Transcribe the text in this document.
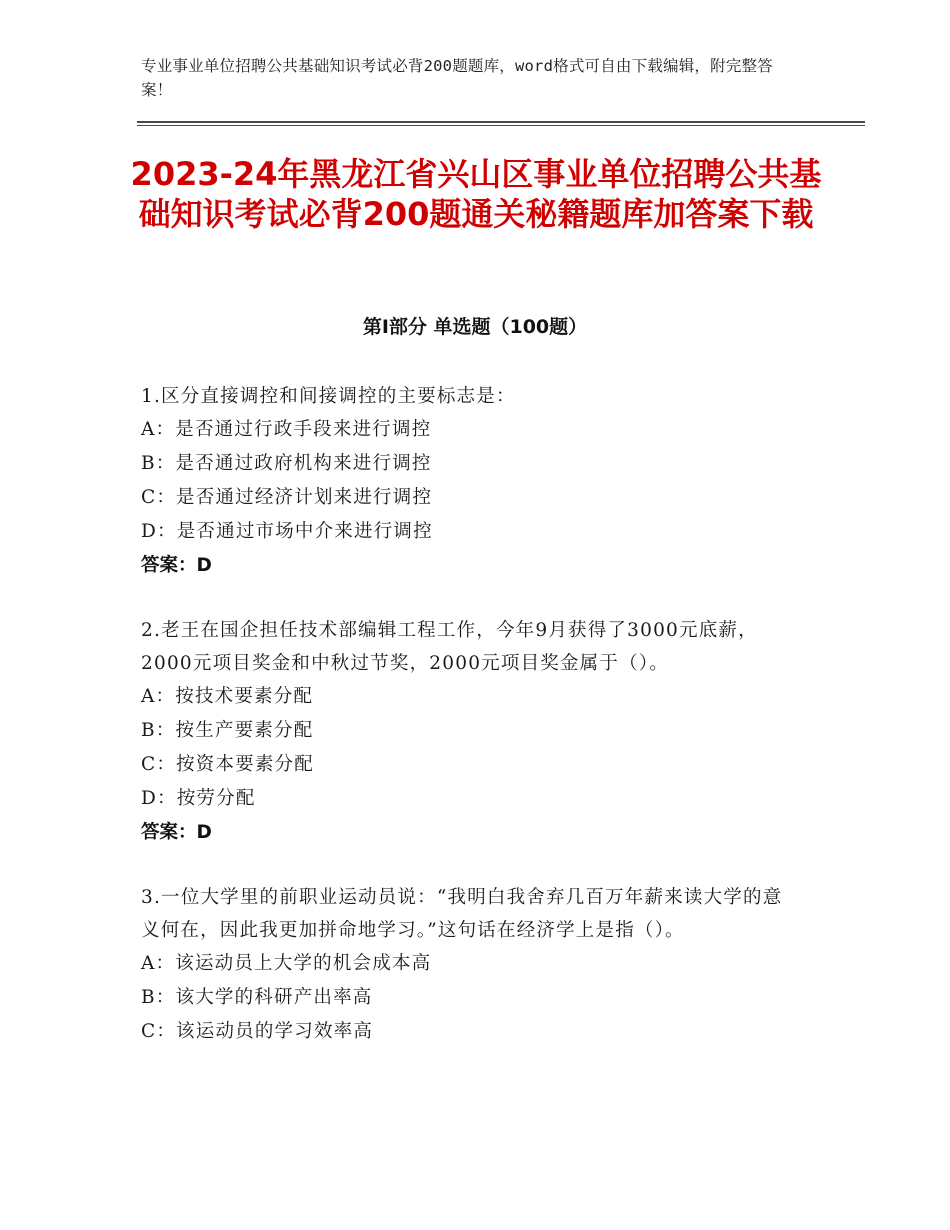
专业事业单位招聘公共基础知识考试必背200题题库，word格式可自由下载编辑，附完整答案！
2023-24年黑龙江省兴山区事业单位招聘公共基础知识考试必背200题通关秘籍题库加答案下载
第Ⅰ部分 单选题（100题）
1.区分直接调控和间接调控的主要标志是：
A：是否通过行政手段来进行调控
B：是否通过政府机构来进行调控
C：是否通过经济计划来进行调控
D：是否通过市场中介来进行调控
答案：D
2.老王在国企担任技术部编辑工程工作，今年9月获得了3000元底薪，2000元项目奖金和中秋过节奖，2000元项目奖金属于（）。
A：按技术要素分配
B：按生产要素分配
C：按资本要素分配
D：按劳分配
答案：D
3.一位大学里的前职业运动员说：“我明白我舍弃几百万年薪来读大学的意义何在，因此我更加拼命地学习。”这句话在经济学上是指（）。
A：该运动员上大学的机会成本高
B：该大学的科研产出率高
C：该运动员的学习效率高
